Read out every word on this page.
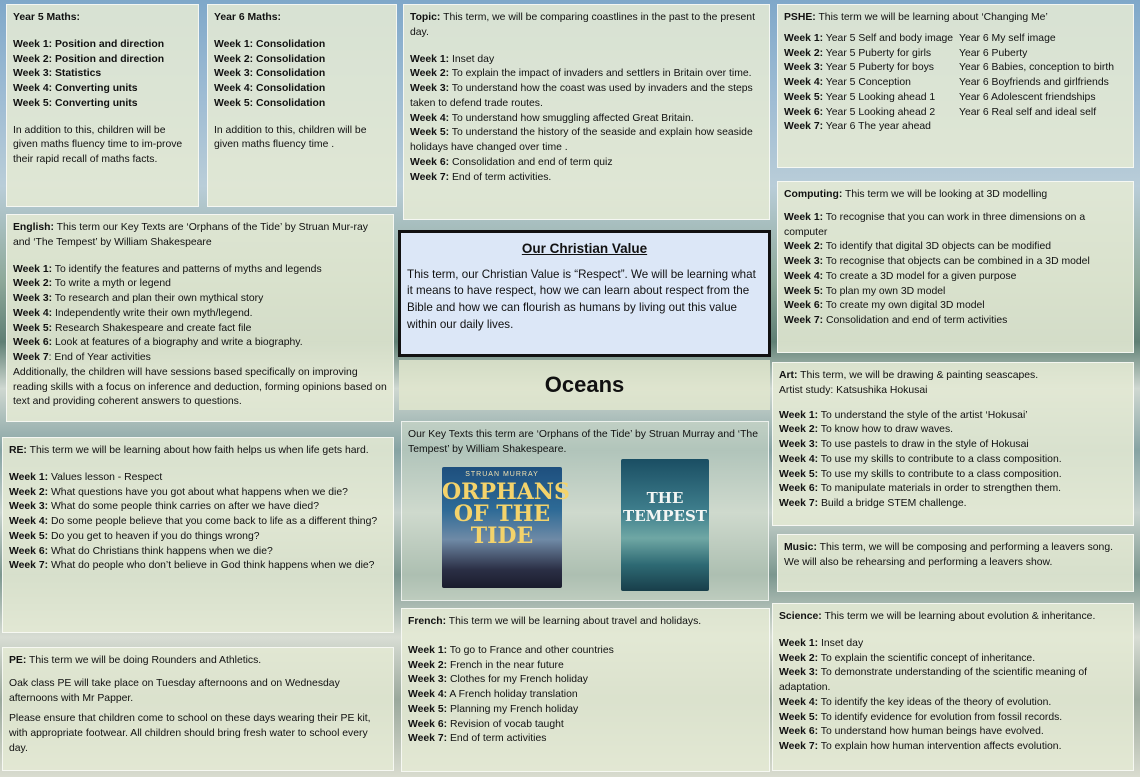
Year 5 Maths:

Week 1: Position and direction

Week 2: Position and direction

Week 3: Statistics

Week 4: Converting units

Week 5: Converting units

In addition to this, children will be given maths fluency time to im-prove their rapid recall of maths facts.

Year 6 Maths:

Week 1: Consolidation

Week 2: Consolidation

Week 3: Consolidation

Week 4: Consolidation

Week 5: Consolidation

In addition to this, children will be given maths fluency time .

Topic: This term, we will be comparing coastlines in the past to the present day.

Week 1: Inset day

Week 2: To explain the impact of invaders and settlers in Britain over time.

Week 3: To understand how the coast was used by invaders and the steps taken to defend trade routes.

Week 4: To understand how smuggling affected Great Britain.

Week 5: To understand the history of the seaside and explain how seaside holidays have changed over time .

Week 6: Consolidation and end of term quiz

Week 7: End of term activities.

PSHE: This term we will be learning about ‘Changing Me’

Week 1: Year 5 Self and body image Year 6 My self image
Week 2: Year 5 Puberty for girls	Year 6 Puberty
Week 3: Year 5 Puberty for boys	Year 6 Babies, conception to birth
Week 4: Year 5 Conception	Year 6 Boyfriends and girlfriends
Week 5: Year 5 Looking ahead 1	Year 6 Adolescent friendships
Week 6: Year 5 Looking ahead 2	Year 6 Real self and ideal self
Week 7: Year 6 The year ahead

English: This term our Key Texts are ‘Orphans of the Tide’ by Struan Mur-ray and ‘The Tempest’ by William Shakespeare

Week 1: To identify the features and patterns of myths and legends

Week 2: To write a myth or legend

Week 3: To research and plan their own mythical story

Week 4: Independently write their own myth/legend.

Week 5: Research Shakespeare and create fact file

Week 6: Look at features of a biography and write a biography.

Week 7: End of Year activities

Additionally, the children will have sessions based specifically on improving reading skills with a focus on inference and deduction, forming opinions based on text and providing coherent answers to questions.

Our Christian Value

This term, our Christian Value is “Respect”. We will be learning what it means to have respect, how we can learn about respect from the Bible and how we can flourish as humans by living out this value within our daily lives.

Computing: This term we will be looking at 3D modelling

Week 1: To recognise that you can work in three dimensions on a computer

Week 2: To identify that digital 3D objects can be modified

Week 3: To recognise that objects can be combined in a 3D model

Week 4: To create a 3D model for a given purpose

Week 5: To plan my own 3D model

Week 6: To create my own digital 3D model

Week 7: Consolidation and end of term activities

Oceans

Our Key Texts this term are ‘Orphans of the Tide’ by Struan Murray and ‘The Tempest’ by William Shakespeare.

STRUAN MURRAY
ORPHANS OF THE TIDE
THE TEMPEST

Art: This term, we will be drawing & painting seascapes.

Artist study: Katsushika Hokusai

Week 1: To understand the style of the artist ‘Hokusai’

Week 2: To know how to draw waves.

Week 3: To use pastels to draw in the style of Hokusai

Week 4: To use my skills to contribute to a class composition.

Week 5: To use my skills to contribute to a class composition.

Week 6: To manipulate materials in order to strengthen them.

Week 7: Build a bridge STEM challenge.

Music: This term, we will be composing and performing a leavers song. We will also be rehearsing and performing a leavers show.

RE: This term we will be learning about how faith helps us when life gets hard.

Week 1: Values lesson - Respect

Week 2: What questions have you got about what happens when we die?

Week 3: What do some people think carries on after we have died?

Week 4: Do some people believe that you come back to life as a different thing?

Week 5: Do you get to heaven if you do things wrong?

Week 6: What do Christians think happens when we die?

Week 7: What do people who don’t believe in God think happens when we die?

French: This term we will be learning about travel and holidays.

Week 1: To go to France and other countries

Week 2: French in the near future

Week 3: Clothes for my French holiday

Week 4: A French holiday translation

Week 5: Planning my French holiday

Week 6: Revision of vocab taught

Week 7: End of term activities

Science: This term we will be learning about evolution & inheritance.

Week 1: Inset day

Week 2: To explain the scientific concept of inheritance.

Week 3: To demonstrate understanding of the scientific meaning of adaptation.

Week 4: To identify the key ideas of the theory of evolution.

Week 5: To identify evidence for evolution from fossil records.

Week 6: To understand how human beings have evolved.

Week 7: To explain how human intervention affects evolution.

PE: This term we will be doing Rounders and Athletics.

Oak class PE will take place on Tuesday afternoons and on Wednesday afternoons with Mr Papper.

Please ensure that children come to school on these days wearing their PE kit, with appropriate footwear. All children should bring fresh water to school every day.
